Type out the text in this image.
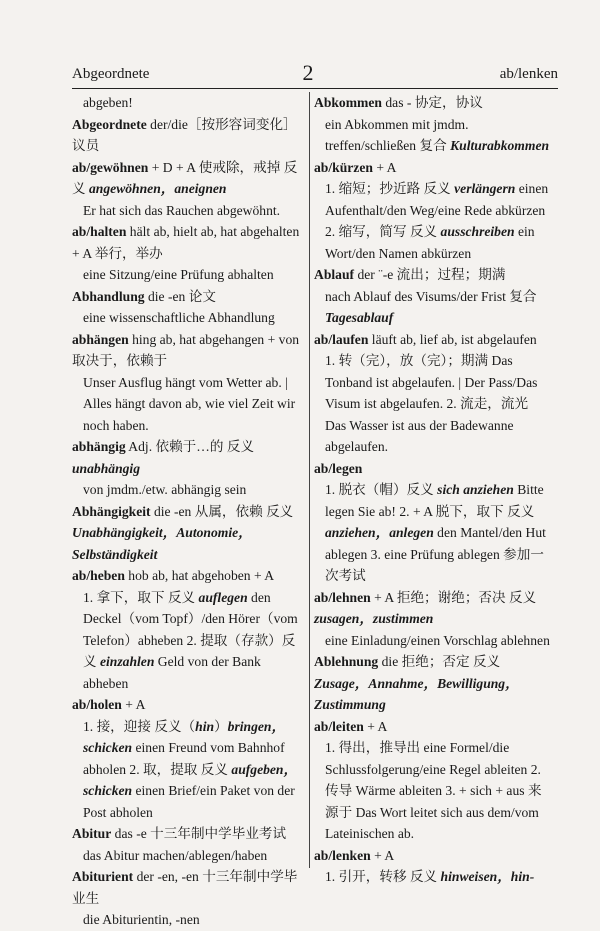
Abgeordnete	2	ab/lenken

abgeben!

Abgeordnete der/die［按形容词变化］议员

ab/gewöhnen + D + A 使戒除，戒掉 反义 angewöhnen，aneignen
Er hat sich das Rauchen abgewöhnt.

ab/halten hält ab, hielt ab, hat abgehalten + A 举行，举办
eine Sitzung/eine Prüfung abhalten

Abhandlung die -en 论文
eine wissenschaftliche Abhandlung

abhängen hing ab, hat abgehangen + von 取决于，依赖于
Unser Ausflug hängt vom Wetter ab. | Alles hängt davon ab, wie viel Zeit wir noch haben.

abhängig Adj. 依赖于…的 反义 unabhängig
von jmdm./etw. abhängig sein

Abhängigkeit die -en 从属，依赖 反义 Unabhängigkeit，Autonomie，Selbständigkeit

ab/heben hob ab, hat abgehoben + A
1. 拿下，取下 反义 auflegen den Deckel（vom Topf）/den Hörer（vom Telefon）abheben 2. 提取（存款）反义 einzahlen Geld von der Bank abheben

ab/holen + A
1. 接，迎接 反义（hin）bringen，schicken einen Freund vom Bahnhof abholen 2. 取，提取 反义 aufgeben，schicken einen Brief/ein Paket von der Post abholen

Abitur das -e 十三年制中学毕业考试
das Abitur machen/ablegen/haben

Abiturient der -en, -en 十三年制中学毕业生
die Abiturientin, -nen

Abkommen das - 协定，协议
ein Abkommen mit jmdm. treffen/schließen 复合 Kulturabkommen

ab/kürzen + A
1. 缩短；抄近路 反义 verlängern einen Aufenthalt/den Weg/eine Rede abkürzen 2. 缩写，简写 反义 ausschreiben ein Wort/den Namen abkürzen

Ablauf der ¨-e 流出；过程；期满
nach Ablauf des Visums/der Frist 复合 Tagesablauf

ab/laufen läuft ab, lief ab, ist abgelaufen
1. 转（完），放（完）；期满 Das Tonband ist abgelaufen. | Der Pass/Das Visum ist abgelaufen. 2. 流走，流光 Das Wasser ist aus der Badewanne abgelaufen.

ab/legen
1. 脱衣（帽）反义 sich anziehen Bitte legen Sie ab! 2. + A 脱下，取下 反义 anziehen，anlegen den Mantel/den Hut ablegen 3. eine Prüfung ablegen 参加一次考试

ab/lehnen + A 拒绝；谢绝；否决 反义 zusagen，zustimmen
eine Einladung/einen Vorschlag ablehnen

Ablehnung die 拒绝；否定 反义 Zusage，Annahme，Bewilligung，Zustimmung

ab/leiten + A
1. 得出，推导出 eine Formel/die Schlussfolgerung/eine Regel ableiten 2. 传导 Wärme ableiten 3. + sich + aus 来源于 Das Wort leitet sich aus dem/vom Lateinischen ab.

ab/lenken + A
1. 引开，转移 反义 hinweisen，hin-
